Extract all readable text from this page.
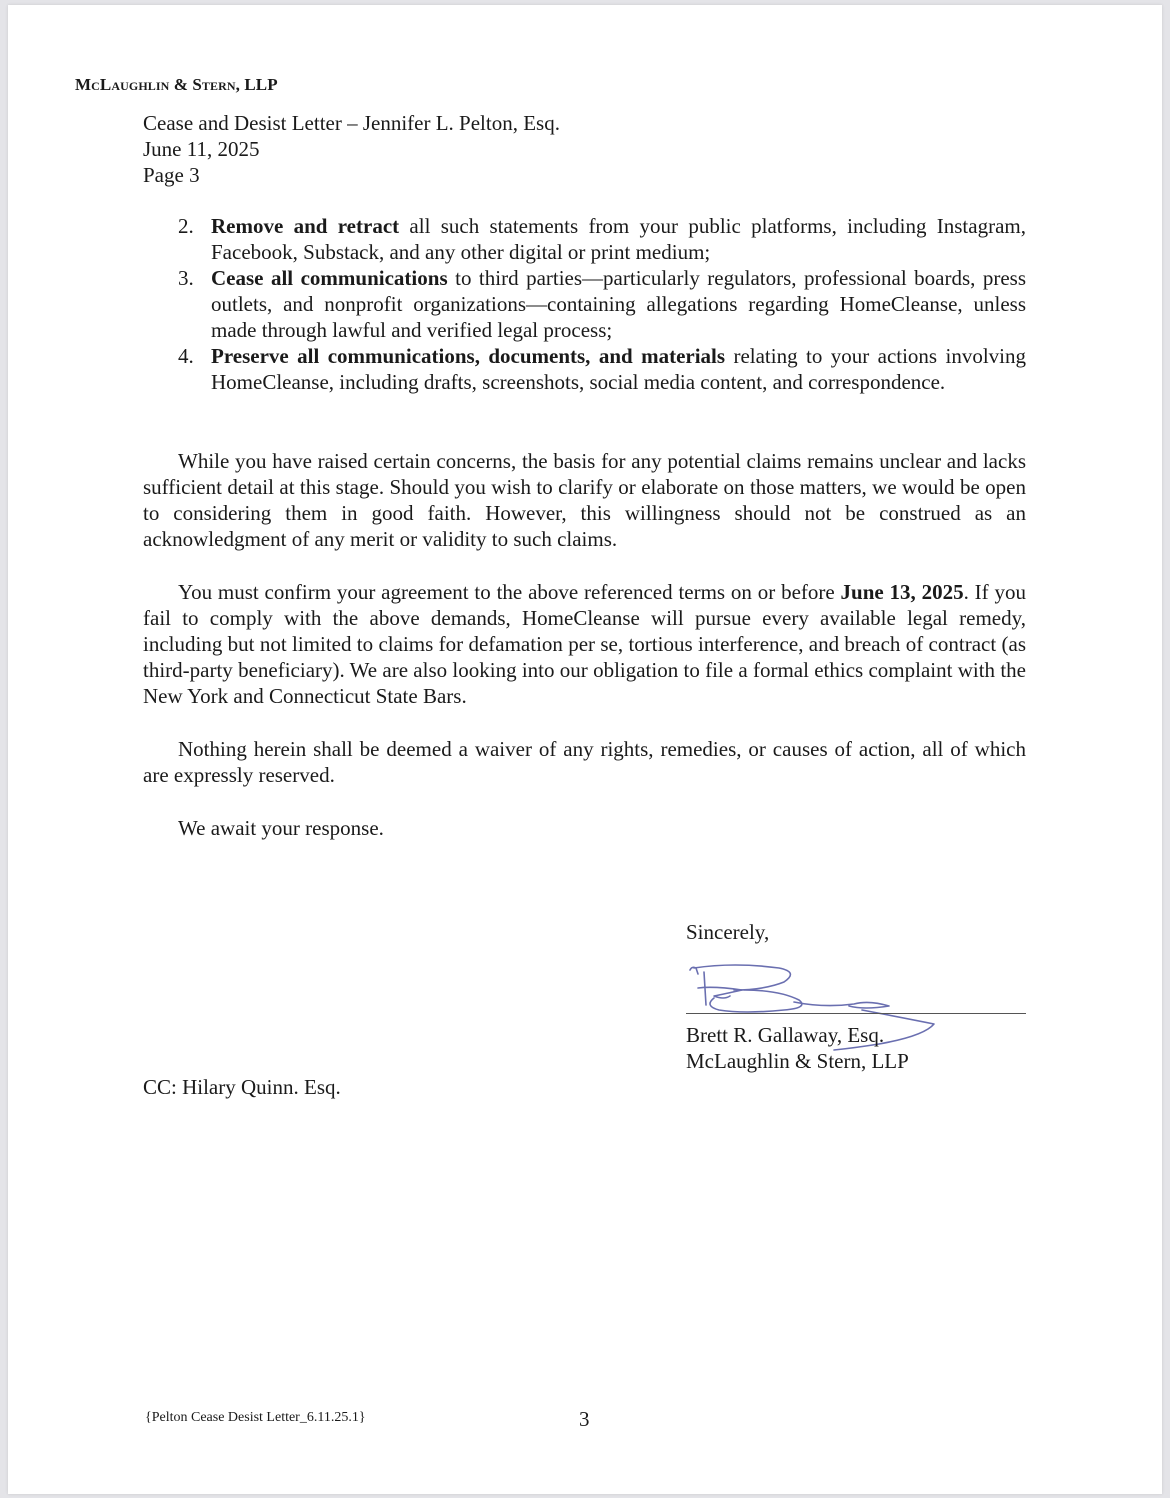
McLaughlin & Stern, LLP
Cease and Desist Letter – Jennifer L. Pelton, Esq.
June 11, 2025
Page 3
2. Remove and retract all such statements from your public platforms, including Instagram, Facebook, Substack, and any other digital or print medium;
3. Cease all communications to third parties—particularly regulators, professional boards, press outlets, and nonprofit organizations—containing allegations regarding HomeCleanse, unless made through lawful and verified legal process;
4. Preserve all communications, documents, and materials relating to your actions involving HomeCleanse, including drafts, screenshots, social media content, and correspondence.
While you have raised certain concerns, the basis for any potential claims remains unclear and lacks sufficient detail at this stage. Should you wish to clarify or elaborate on those matters, we would be open to considering them in good faith. However, this willingness should not be construed as an acknowledgment of any merit or validity to such claims.
You must confirm your agreement to the above referenced terms on or before June 13, 2025. If you fail to comply with the above demands, HomeCleanse will pursue every available legal remedy, including but not limited to claims for defamation per se, tortious interference, and breach of contract (as third-party beneficiary). We are also looking into our obligation to file a formal ethics complaint with the New York and Connecticut State Bars.
Nothing herein shall be deemed a waiver of any rights, remedies, or causes of action, all of which are expressly reserved.
We await your response.
Sincerely,
Brett R. Gallaway, Esq.
McLaughlin & Stern, LLP
CC: Hilary Quinn. Esq.
{Pelton Cease Desist Letter_6.11.25.1}	3
